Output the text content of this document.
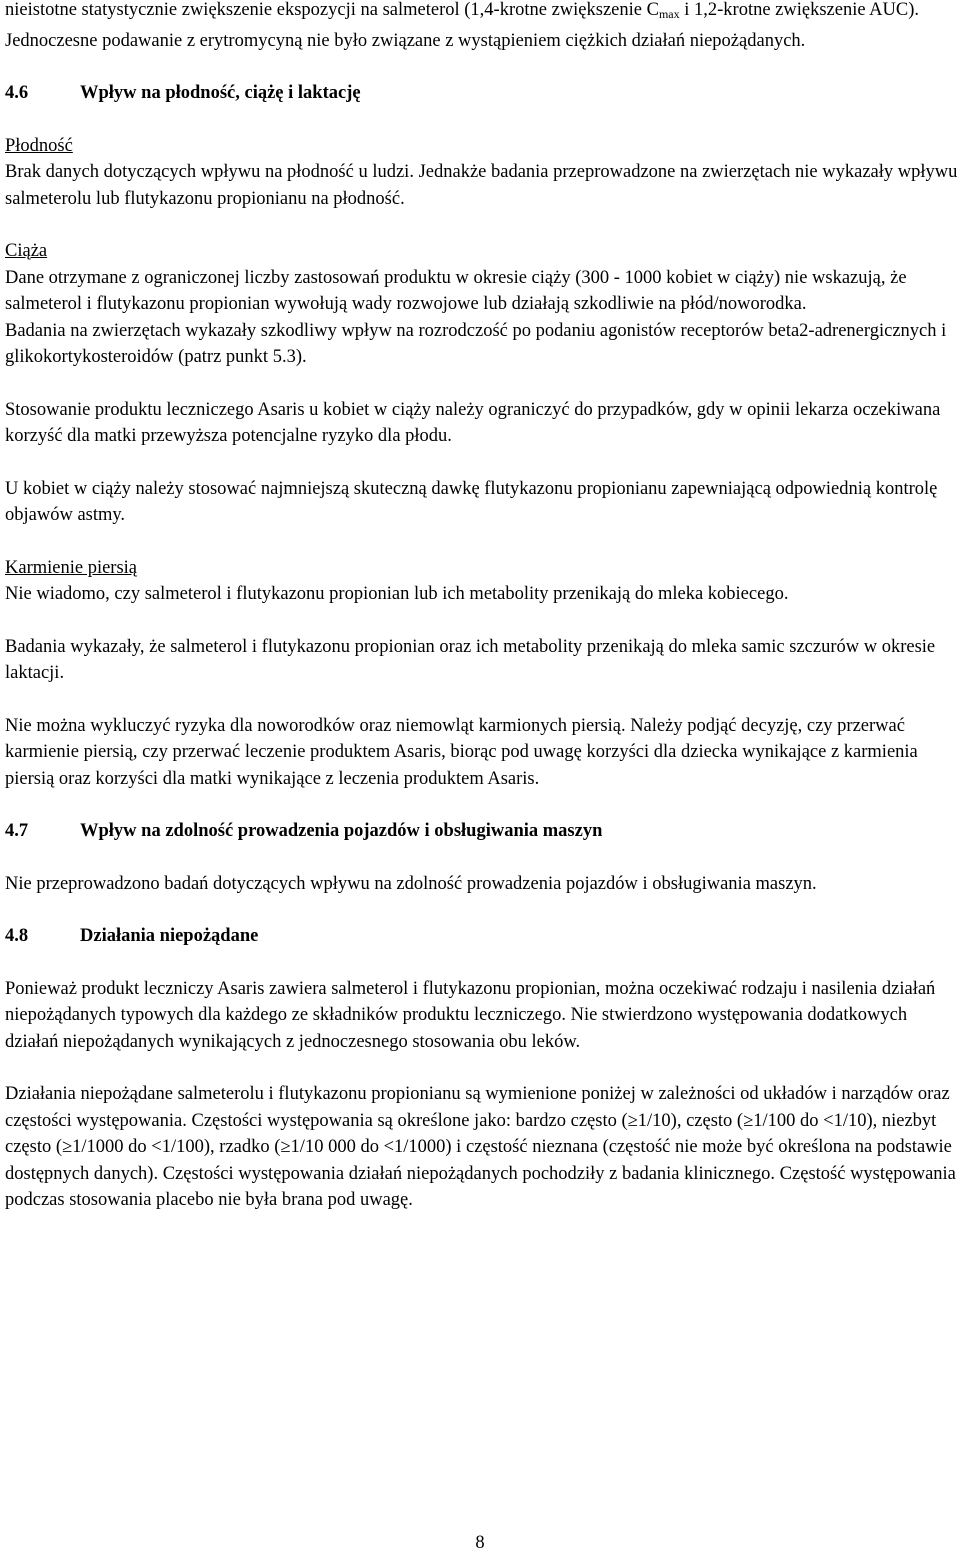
nieistotne statystycznie zwiększenie ekspozycji na salmeterol (1,4-krotne zwiększenie $C_{max}$ i 1,2-krotne zwiększenie AUC). Jednoczesne podawanie z erytromycyną nie było związane z wystąpieniem ciężkich działań niepożądanych.

4.6	Wpływ na płodność, ciążę i laktację

Płodność

Brak danych dotyczących wpływu na płodność u ludzi. Jednakże badania przeprowadzone na zwierzętach nie wykazały wpływu salmeterolu lub flutykazonu propionianu na płodność.

Ciąża

Dane otrzymane z ograniczonej liczby zastosowań produktu w okresie ciąży (300 - 1000 kobiet w ciąży) nie wskazują, że salmeterol i flutykazonu propionian wywołują wady rozwojowe lub działają szkodliwie na płód/noworodka.

Badania na zwierzętach wykazały szkodliwy wpływ na rozrodczość po podaniu agonistów receptorów beta2-adrenergicznych i glikokortykosteroidów (patrz punkt 5.3).

Stosowanie produktu leczniczego Asaris u kobiet w ciąży należy ograniczyć do przypadków, gdy w opinii lekarza oczekiwana korzyść dla matki przewyższa potencjalne ryzyko dla płodu.

U kobiet w ciąży należy stosować najmniejszą skuteczną dawkę flutykazonu propionianu zapewniającą odpowiednią kontrolę objawów astmy.

Karmienie piersią

Nie wiadomo, czy salmeterol i flutykazonu propionian lub ich metabolity przenikają do mleka kobiecego.

Badania wykazały, że salmeterol i flutykazonu propionian oraz ich metabolity przenikają do mleka samic szczurów w okresie laktacji.

Nie można wykluczyć ryzyka dla noworodków oraz niemowląt karmionych piersią. Należy podjąć decyzję, czy przerwać karmienie piersią, czy przerwać leczenie produktem Asaris, biorąc pod uwagę korzyści dla dziecka wynikające z karmienia piersią oraz korzyści dla matki wynikające z leczenia produktem Asaris.

4.7	Wpływ na zdolność prowadzenia pojazdów i obsługiwania maszyn

Nie przeprowadzono badań dotyczących wpływu na zdolność prowadzenia pojazdów i obsługiwania maszyn.

4.8	Działania niepożądane

Ponieważ produkt leczniczy Asaris zawiera salmeterol i flutykazonu propionian, można oczekiwać rodzaju i nasilenia działań niepożądanych typowych dla każdego ze składników produktu leczniczego. Nie stwierdzono występowania dodatkowych działań niepożądanych wynikających z jednoczesnego stosowania obu leków.

Działania niepożądane salmeterolu i flutykazonu propionianu są wymienione poniżej w zależności od układów i narządów oraz częstości występowania. Częstości występowania są określone jako: bardzo często (≥1/10), często (≥1/100 do <1/10), niezbyt często (≥1/1000 do <1/100), rzadko (≥1/10 000 do <1/1000) i częstość nieznana (częstość nie może być określona na podstawie dostępnych danych). Częstości występowania działań niepożądanych pochodziły z badania klinicznego. Częstość występowania podczas stosowania placebo nie była brana pod uwagę.

8
